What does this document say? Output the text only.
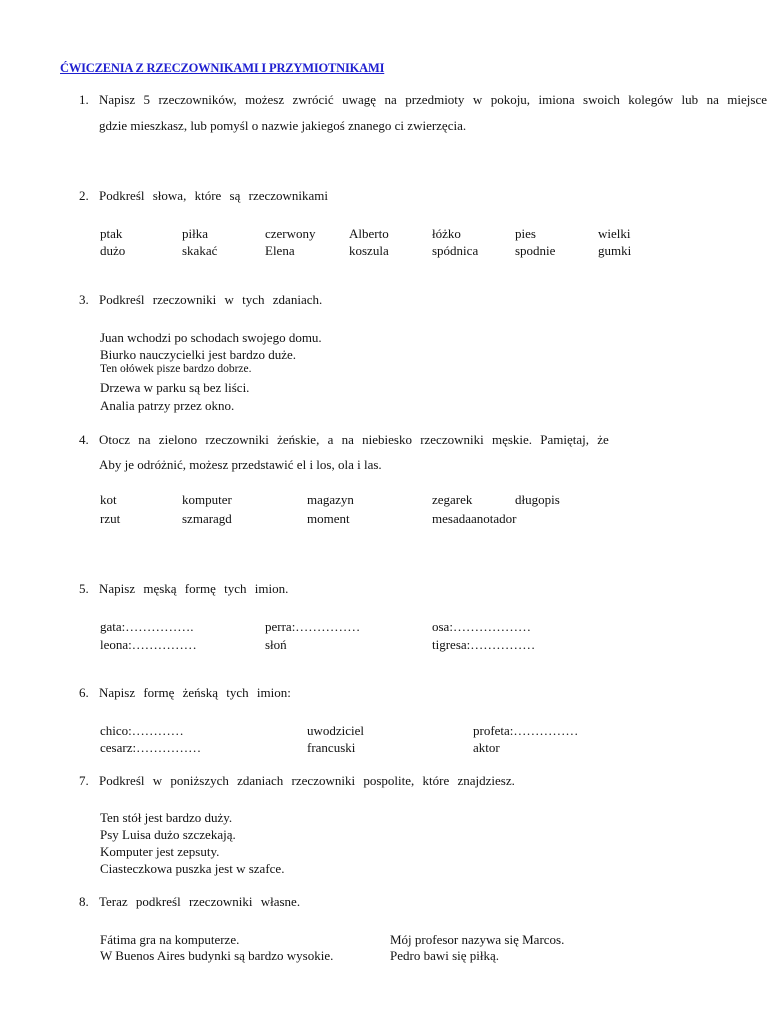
ĆWICZENIA Z RZECZOWNIKAMI I PRZYMIOTNIKAMI
1. Napisz 5 rzeczowników, możesz zwrócić uwagę na przedmioty w pokoju, imiona swoich kolegów lub na miejsce
gdzie mieszkasz, lub pomyśl o nazwie jakiegoś znanego ci zwierzęcia.
2. Podkreśl słowa, które są rzeczownikami
ptak	piłka	czerwony	Alberto	łóżko	pies	wielki
dużo	skakać	Elena	koszula	spódnica	spodnie	gumki
3. Podkreśl rzeczowniki w tych zdaniach.
Juan wchodzi po schodach swojego domu.
Biurko nauczycielki jest bardzo duże.
Ten ołówek pisze bardzo dobrze.
Drzewa w parku są bez liści.
Analia patrzy przez okno.
4. Otocz na zielono rzeczowniki żeńskie, a na niebiesko rzeczowniki męskie. Pamiętaj, że
Aby je odróżnić, możesz przedstawić el i los, ola i las.
kot	komputer	magazyn	zegarek	długopis
rzut	szmaragd	moment	mesadaanotador
5. Napisz męską formę tych imion.
gata:…………….	perra:……………	osa:………………
leona:……………	słoń	tigresa:……………
6. Napisz formę żeńską tych imion:
chico:…………	uwodziciel	profeta:……………
cesarz:……………	francuski	aktor
7. Podkreśl w poniższych zdaniach rzeczowniki pospolite, które znajdziesz.
Ten stół jest bardzo duży.
Psy Luisa dużo szczekają.
Komputer jest zepsuty.
Ciasteczkowa puszka jest w szafce.
8. Teraz podkreśl rzeczowniki własne.
Fátima gra na komputerze.
W Buenos Aires budynki są bardzo wysokie.
Mój profesor nazywa się Marcos.
Pedro bawi się piłką.
